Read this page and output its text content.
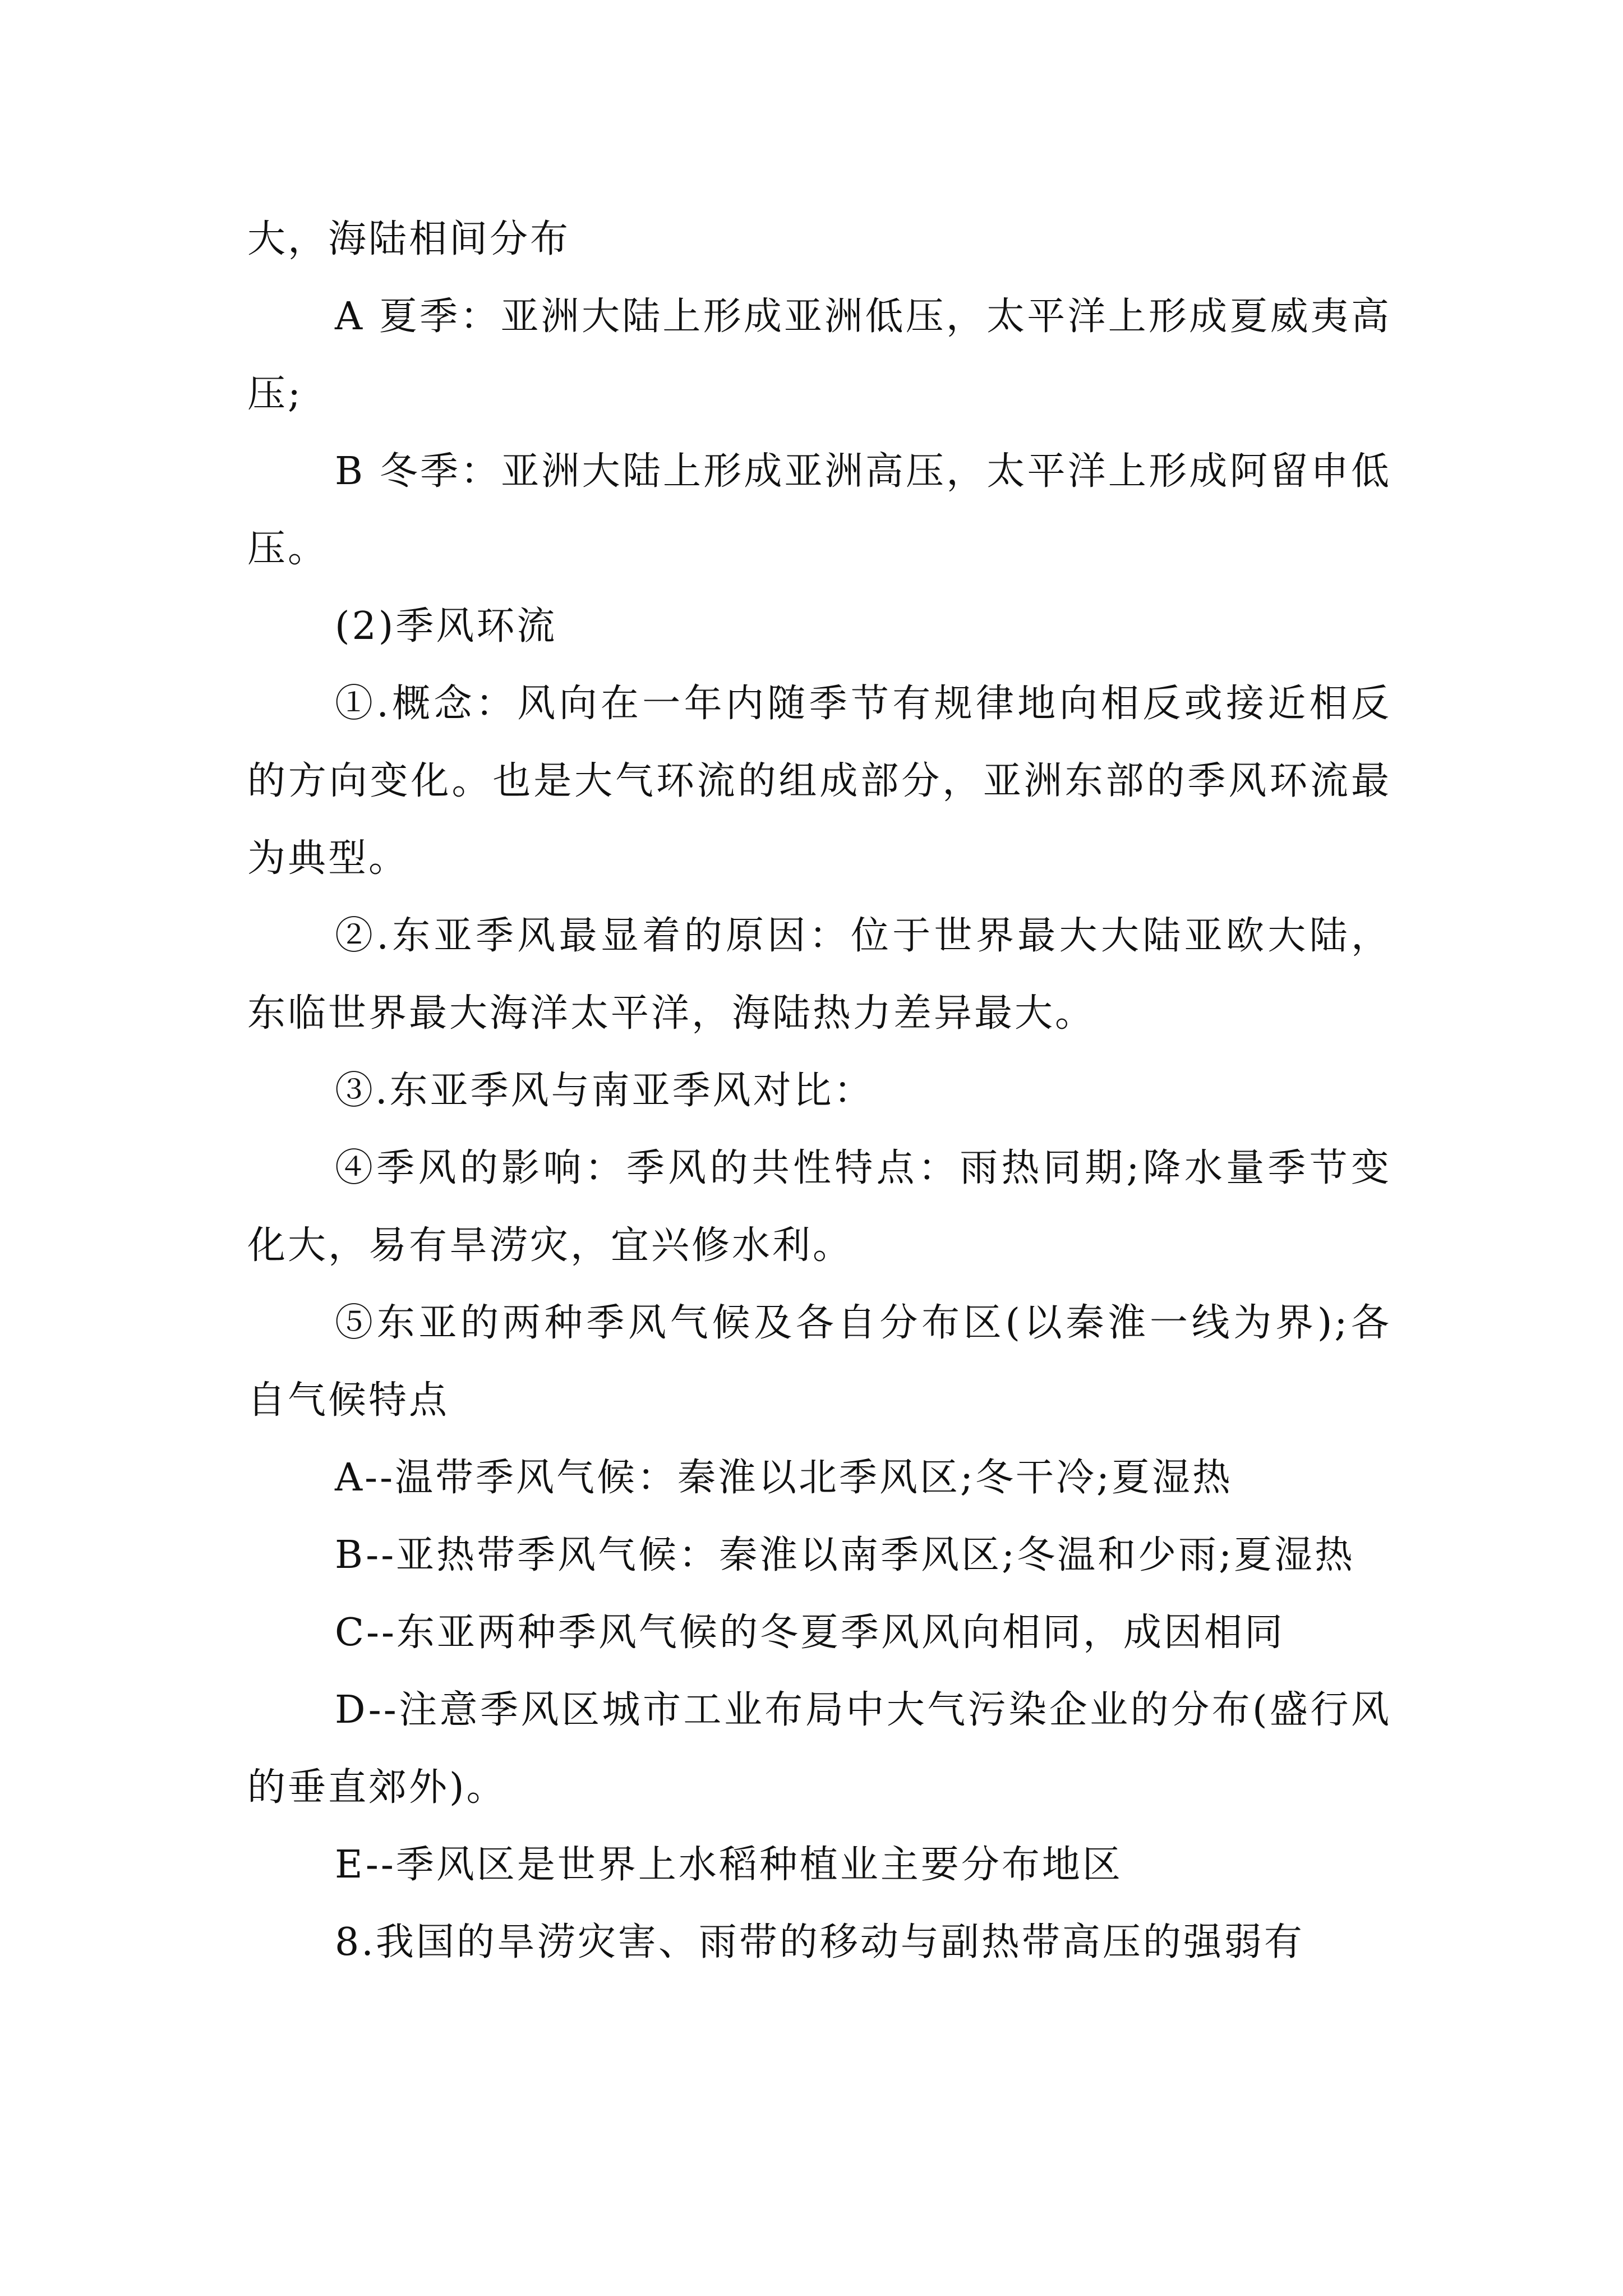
大，海陆相间分布

A 夏季：亚洲大陆上形成亚洲低压，太平洋上形成夏威夷高压;

B 冬季：亚洲大陆上形成亚洲高压，太平洋上形成阿留申低压。

(2)季风环流

①.概念：风向在一年内随季节有规律地向相反或接近相反的方向变化。也是大气环流的组成部分，亚洲东部的季风环流最为典型。

②.东亚季风最显着的原因：位于世界最大大陆亚欧大陆，东临世界最大海洋太平洋，海陆热力差异最大。

③.东亚季风与南亚季风对比：

④季风的影响：季风的共性特点：雨热同期;降水量季节变化大，易有旱涝灾，宜兴修水利。

⑤东亚的两种季风气候及各自分布区(以秦淮一线为界);各自气候特点

A--温带季风气候：秦淮以北季风区;冬干冷;夏湿热

B--亚热带季风气候：秦淮以南季风区;冬温和少雨;夏湿热

C--东亚两种季风气候的冬夏季风风向相同，成因相同

D--注意季风区城市工业布局中大气污染企业的分布(盛行风的垂直郊外)。

E--季风区是世界上水稻种植业主要分布地区

8.我国的旱涝灾害、雨带的移动与副热带高压的强弱有
